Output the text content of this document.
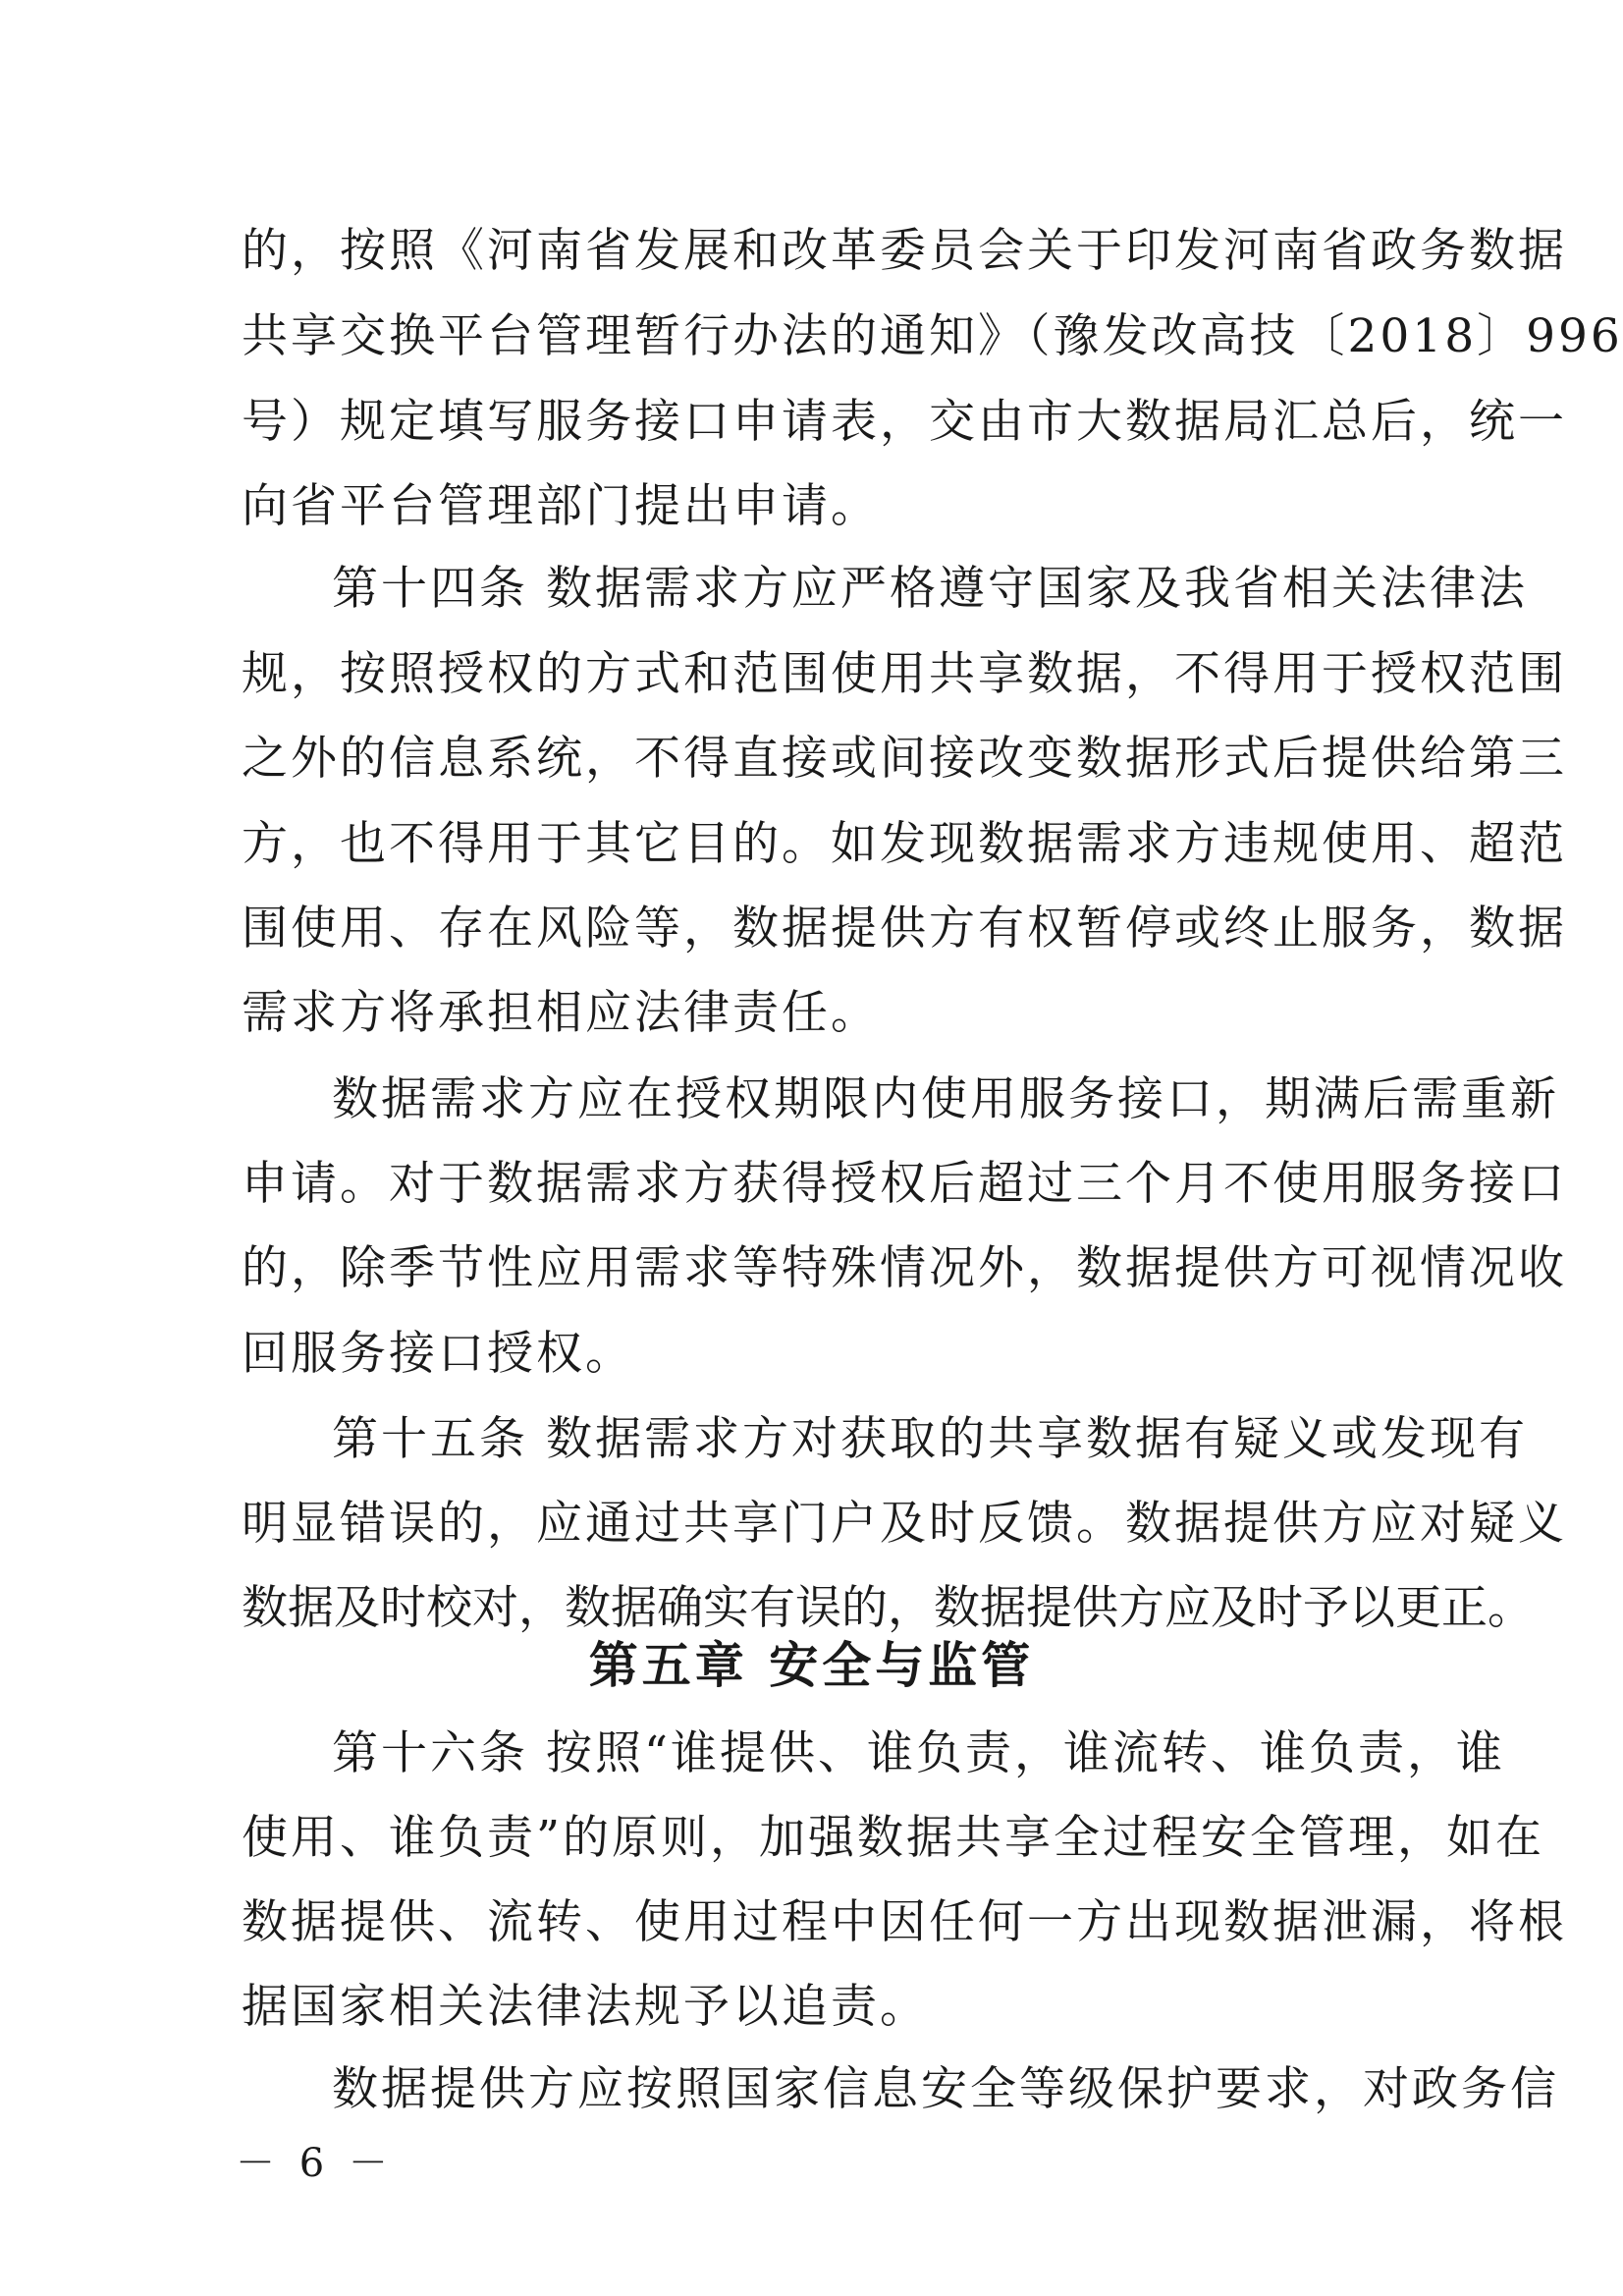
的，按照《河南省发展和改革委员会关于印发河南省政务数据
共享交换平台管理暂行办法的通知》（豫发改高技〔2018〕996
号）规定填写服务接口申请表，交由市大数据局汇总后，统一
向省平台管理部门提出申请。
第十四条 数据需求方应严格遵守国家及我省相关法律法
规，按照授权的方式和范围使用共享数据，不得用于授权范围
之外的信息系统，不得直接或间接改变数据形式后提供给第三
方，也不得用于其它目的。如发现数据需求方违规使用、超范
围使用、存在风险等，数据提供方有权暂停或终止服务，数据
需求方将承担相应法律责任。
数据需求方应在授权期限内使用服务接口，期满后需重新
申请。对于数据需求方获得授权后超过三个月不使用服务接口
的，除季节性应用需求等特殊情况外，数据提供方可视情况收
回服务接口授权。
第十五条 数据需求方对获取的共享数据有疑义或发现有
明显错误的，应通过共享门户及时反馈。数据提供方应对疑义
数据及时校对，数据确实有误的，数据提供方应及时予以更正。
第五章 安全与监管
第十六条 按照“谁提供、谁负责，谁流转、谁负责，谁
使用、谁负责”的原则，加强数据共享全过程安全管理，如在
数据提供、流转、使用过程中因任何一方出现数据泄漏，将根
据国家相关法律法规予以追责。
数据提供方应按照国家信息安全等级保护要求，对政务信
－ 6 －
